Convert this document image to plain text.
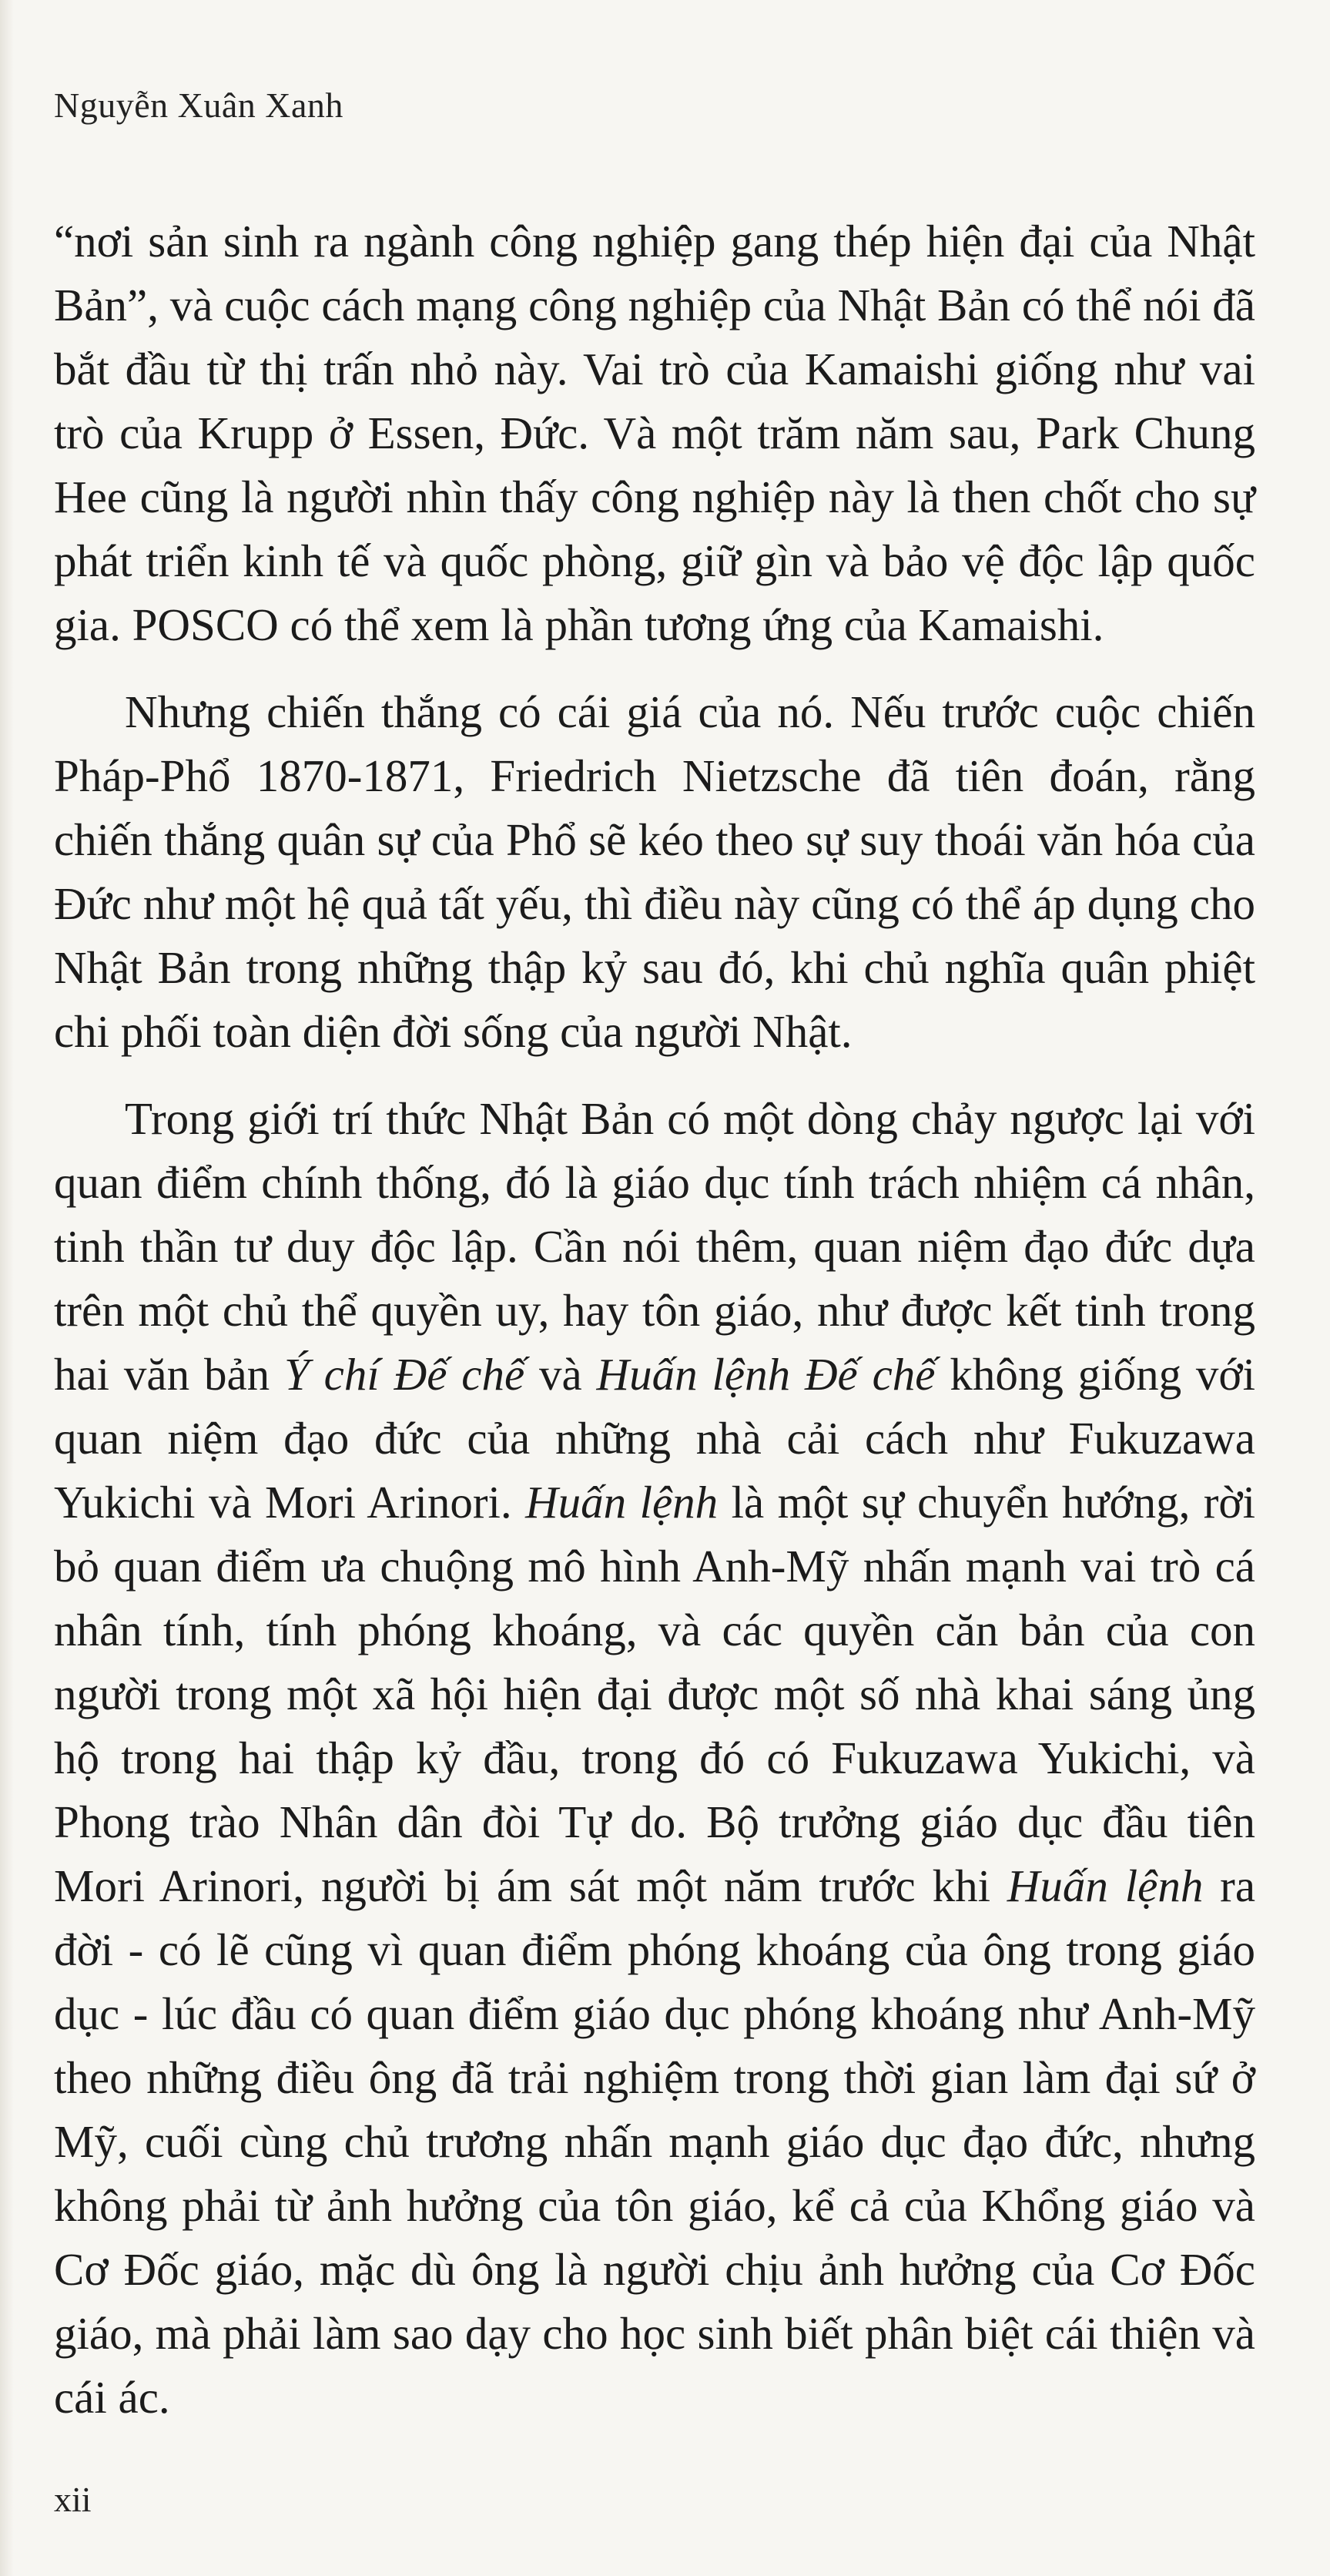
Nguyễn Xuân Xanh

“nơi sản sinh ra ngành công nghiệp gang thép hiện đại của Nhật Bản”, và cuộc cách mạng công nghiệp của Nhật Bản có thể nói đã bắt đầu từ thị trấn nhỏ này. Vai trò của Kamaishi giống như vai trò của Krupp ở Essen, Đức. Và một trăm năm sau, Park Chung Hee cũng là người nhìn thấy công nghiệp này là then chốt cho sự phát triển kinh tế và quốc phòng, giữ gìn và bảo vệ độc lập quốc gia. POSCO có thể xem là phần tương ứng của Kamaishi.

Nhưng chiến thắng có cái giá của nó. Nếu trước cuộc chiến Pháp-Phổ 1870-1871, Friedrich Nietzsche đã tiên đoán, rằng chiến thắng quân sự của Phổ sẽ kéo theo sự suy thoái văn hóa của Đức như một hệ quả tất yếu, thì điều này cũng có thể áp dụng cho Nhật Bản trong những thập kỷ sau đó, khi chủ nghĩa quân phiệt chi phối toàn diện đời sống của người Nhật.

Trong giới trí thức Nhật Bản có một dòng chảy ngược lại với quan điểm chính thống, đó là giáo dục tính trách nhiệm cá nhân, tinh thần tư duy độc lập. Cần nói thêm, quan niệm đạo đức dựa trên một chủ thể quyền uy, hay tôn giáo, như được kết tinh trong hai văn bản Ý chí Đế chế và Huấn lệnh Đế chế không giống với quan niệm đạo đức của những nhà cải cách như Fukuzawa Yukichi và Mori Arinori. Huấn lệnh là một sự chuyển hướng, rời bỏ quan điểm ưa chuộng mô hình Anh-Mỹ nhấn mạnh vai trò cá nhân tính, tính phóng khoáng, và các quyền căn bản của con người trong một xã hội hiện đại được một số nhà khai sáng ủng hộ trong hai thập kỷ đầu, trong đó có Fukuzawa Yukichi, và Phong trào Nhân dân đòi Tự do. Bộ trưởng giáo dục đầu tiên Mori Arinori, người bị ám sát một năm trước khi Huấn lệnh ra đời - có lẽ cũng vì quan điểm phóng khoáng của ông trong giáo dục - lúc đầu có quan điểm giáo dục phóng khoáng như Anh-Mỹ theo những điều ông đã trải nghiệm trong thời gian làm đại sứ ở Mỹ, cuối cùng chủ trương nhấn mạnh giáo dục đạo đức, nhưng không phải từ ảnh hưởng của tôn giáo, kể cả của Khổng giáo và Cơ Đốc giáo, mặc dù ông là người chịu ảnh hưởng của Cơ Đốc giáo, mà phải làm sao dạy cho học sinh biết phân biệt cái thiện và cái ác.

xii
